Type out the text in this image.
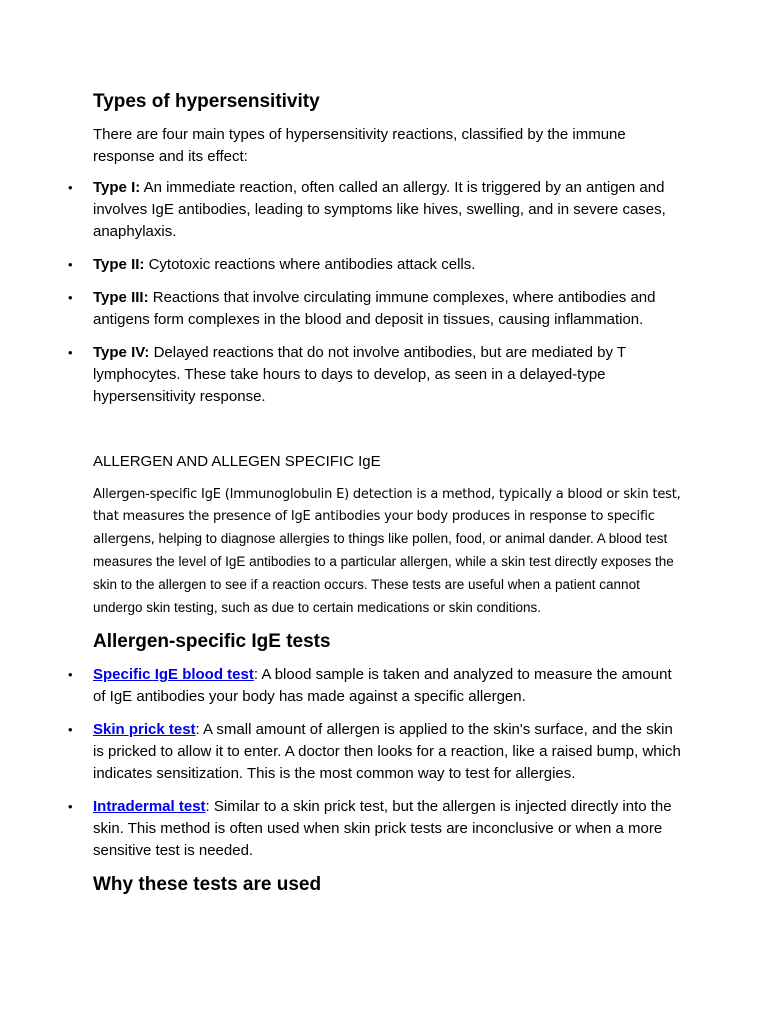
Types of hypersensitivity

There are four main types of hypersensitivity reactions, classified by the immune response and its effect:

• Type I: An immediate reaction, often called an allergy. It is triggered by an antigen and involves IgE antibodies, leading to symptoms like hives, swelling, and in severe cases, anaphylaxis.
• Type II: Cytotoxic reactions where antibodies attack cells.
• Type III: Reactions that involve circulating immune complexes, where antibodies and antigens form complexes in the blood and deposit in tissues, causing inflammation.
• Type IV: Delayed reactions that do not involve antibodies, but are mediated by T lymphocytes. These take hours to days to develop, as seen in a delayed-type hypersensitivity response.

ALLERGEN AND ALLEGEN SPECIFIC IgE

Allergen-specific IgE (Immunoglobulin E) detection is a method, typically a blood or skin test, that measures the presence of IgE antibodies your body produces in response to specific allergens, helping to diagnose allergies to things like pollen, food, or animal dander. A blood test measures the level of IgE antibodies to a particular allergen, while a skin test directly exposes the skin to the allergen to see if a reaction occurs. These tests are useful when a patient cannot undergo skin testing, such as due to certain medications or skin conditions.

Allergen-specific IgE tests
• Specific IgE blood test: A blood sample is taken and analyzed to measure the amount of IgE antibodies your body has made against a specific allergen.
• Skin prick test: A small amount of allergen is applied to the skin's surface, and the skin is pricked to allow it to enter. A doctor then looks for a reaction, like a raised bump, which indicates sensitization. This is the most common way to test for allergies.
• Intradermal test: Similar to a skin prick test, but the allergen is injected directly into the skin. This method is often used when skin prick tests are inconclusive or when a more sensitive test is needed.
Why these tests are used
